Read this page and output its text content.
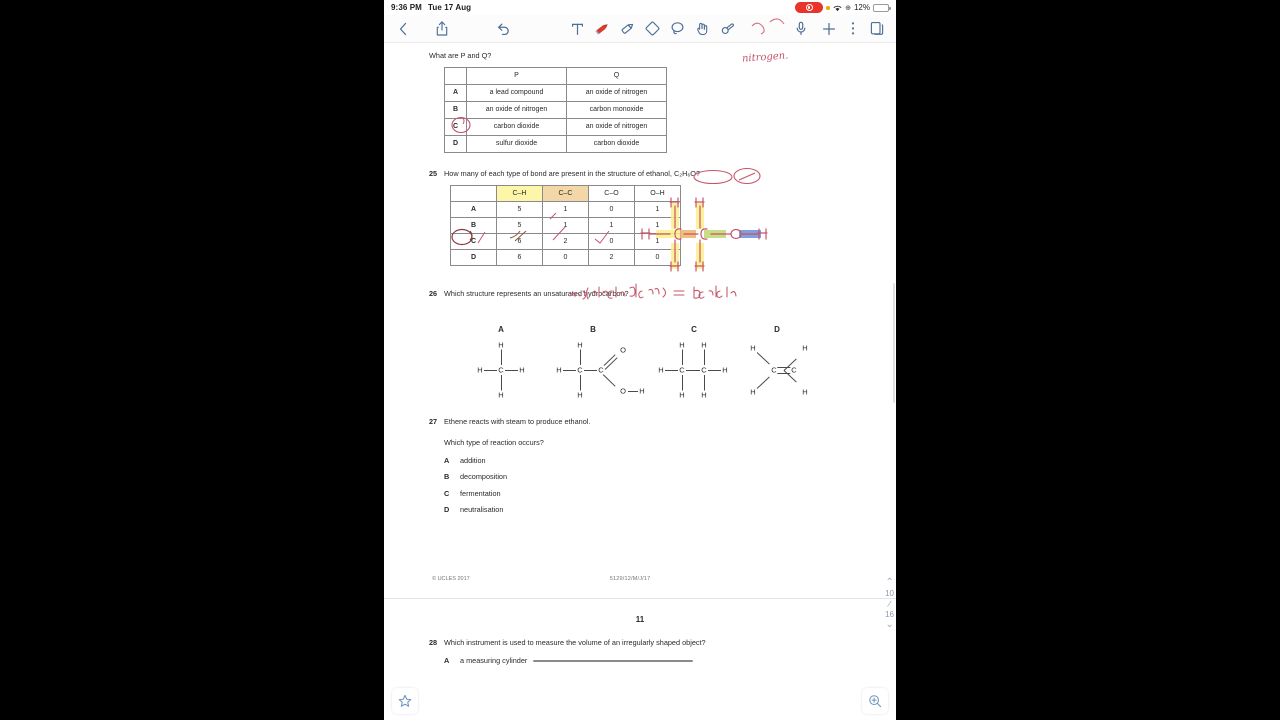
9:36 PM Tue 17 Aug	⊕ 12%
What are P and Q?
	P	Q
A	a lead compound	an oxide of nitrogen
B	an oxide of nitrogen	carbon monoxide
C	carbon dioxide	an oxide of nitrogen
D	sulfur dioxide	carbon dioxide
25 How many of each type of bond are present in the structure of ethanol, C₂H₆O?
	C–H	C–C	C–O	O–H
A	5	1	0	1
B	5	1	1	1
C	6	2	0	1
D	6	0	2	0
26 Which structure represents an unsaturated hydrocarbon?
A	B	C	D
H
H
H	H
C
H
H
H C C
O
O H
H H
H H
H	H
C C
H
H
H
H
C C
27 Ethene reacts with steam to produce ethanol.
Which type of reaction occurs?
A	addition
B	decomposition
C	fermentation
D	neutralisation
© UCLES 2017	5129/12/M/J/17
11
28 Which instrument is used to measure the volume of an irregularly shaped object?
A	a measuring cylinder
nitrogen.
⌃
10
/
16
⌄
